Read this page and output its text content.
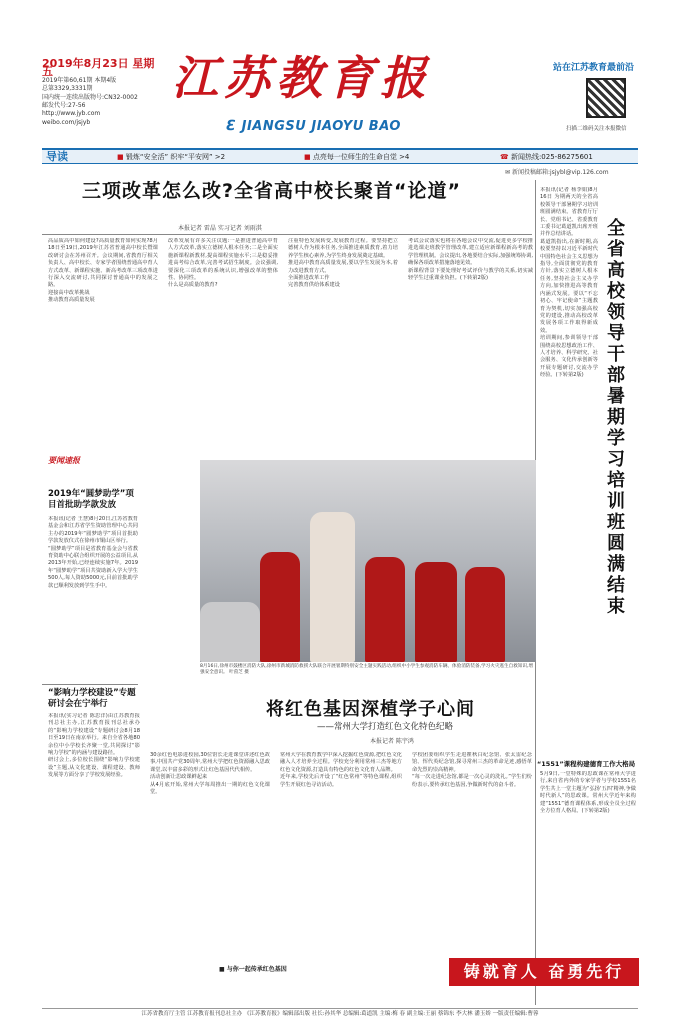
2019年8月23日 星期五
2019年第60,61期 本期4版
总第3329,3331期
国内统一连续出版物号:CN32-0002
邮发代号:27-56
http://www.jyb.com
weibo.com/jsjyb
江苏教育报
ℇ JIANGSU JIAOYU BAO
站在江苏教育最前沿
扫描二维码关注本报微信
导读	■ 锻炼“安全活” 织牢“平安网” >2	■ 点亮每一位师生的生命自觉 >4	☎ 新闻热线:025-86275601
✉ 新闻投稿邮箱:jsjybl@vip.126.com
三项改革怎么改?全省高中校长聚首“论道”
本报记者 雷晶 实习记者 刘雨淇
高品质高中如何建设?高质量教育如何实现?8月18日至19日,2019年江苏省普通高中校长暨课改研讨会在苏州召开。会议期间,省教育厅相关负责人、高中校长、专家学者围绕普通高中育人方式改革、新课程实施、新高考改革三项改革进行深入交流研讨,共同探讨普通高中的发展之路。
迎接高中改革挑战
推动教育高质量发展
改革发展有许多关注议题:一是推进普通高中育人方式改革,落实立德树人根本任务;二是全面实施新课程新教材,提高课程实施水平;三是稳妥推进高考综合改革,完善考试招生制度。会议强调,要深化三项改革的系统认识,增强改革的整体性、协同性。
什么是高质量的教育?
注重特色发展转变,发展教育过程。要坚持把立德树人作为根本任务,全面推进素质教育,着力培养学生核心素养,为学生终身发展奠定基础。
推进高中教育高质量发展,要以学生发展为本,着力改进教育方式。
全面推进改革工作
完善教育供给体系建设
考试会议落实也将在各地会议中交流,促进更多学校推进选课走班教学管理改革,建立适应新课程新高考的教学管理机制。会议提出,各地要结合实际,加强统筹协调,确保各项改革措施落地见效。
新课程背景下要处理好考试评价与教学的关系,切实减轻学生过重课业负担。(下转第2版)
全省高校领导干部暑期学习培训班圆满结束
本报讯(记者 杨李娟)8月16日 为期两天的全省高校领导干部暑期学习培训班圆满结束。省教育厅厅长、党组书记、省委教育工委书记葛道凯出席开班并作总结讲话。
葛道凯指出,在新时期,高校要坚持以习近平新时代中国特色社会主义思想为指导,全面贯彻党的教育方针,落实立德树人根本任务,坚持社会主义办学方向,加快推进高等教育内涵式发展。要以“不忘初心、牢记使命”主题教育为契机,切实加强高校党的建设,推动高校改革发展各项工作取得新成效。
培训期间,参训领导干部围绕高校思想政治工作、人才培养、科学研究、社会服务、文化传承创新等开展专题研讨,交流办学经验。(下转第2版)
“1551”课程构建德育工作大格局
5月9日,一堂特殊的思政课在常州大学进行,来自省内外的专家学者与学校1551名学生共上一堂主题为“弘扬‘五四’精神,争做时代新人”的思政课。常州大学近年来构建“1551”德育课程体系,形成全员全过程全方位育人格局。(下转第2版)
要闻速报
2019年“圆梦助学”项目首批助学款发放
本报讯(记者 王慧)8月20日,江苏省教育基金会和江苏省学生资助管理中心共同主办的2019年“圆梦助学”项目首批助学款发放仪式在徐州市铜山区举行。
“圆梦助学”项目是省教育基金会与省教育资助中心联合组织开展的公益项目,从2013年开始,已经连续实施7年。2019年“圆梦助学”项目共资助新入学大学生500人,每人资助5000元,目前首批助学款已顺利发放到学生手中。
8月16日,徐州市鼓楼区消防大队,徐州市新城消防救援大队联合开展暑期特别安全主题实践活动,组织中小学生参观消防车辆、体验消防装备,学习火灾逃生自救知识,增强安全意识。 叶茵芝 摄
“影响力学校建设”专题研讨会在宁举行
本报讯(实习记者 陈思洋)由江苏教育报刊总社主办,江苏教育报刊总社承办的“影响力学校建设”专题研讨会8月18日至19日在南京举行。来自全省各地80余位中小学校长齐聚一堂,共同探讨“影响力学校”的内涵与建设路径。
研讨会上,多位校长围绕“影响力学校建设”主题,从文化建设、课程建设、教师发展等方面分享了学校发展经验。
将红色基因深植学子心间
——常州大学打造红色文化特色纪略
本报记者 陈宇鸿
30余红色电影进校园,30位馆长走进课堂讲述红色故事,中国共产党30周年,常州大学把红色资源融入思政课堂,以丰富多彩的形式让红色基因代代相传。
活动创新让思政课鲜起来
从4月底开始,常州大学每周推出一期的红色文化课堂。
常州大学在教育教学中深入挖掘红色资源,把红色文化融入人才培养全过程。学校充分利用常州三杰等地方红色文化资源,打造具有特色的红色文化育人品牌。
近年来,学校先后开设了“红色常州”等特色课程,组织学生开展红色寻访活动。
学校团委组织学生走进瞿秋白纪念馆、张太雷纪念馆、恽代英纪念馆,探寻常州三杰的革命足迹,感悟革命先烈的崇高精神。
“每一次走进纪念馆,都是一次心灵的洗礼。”学生们纷纷表示,要传承红色基因,争做新时代的奋斗者。
■ 与你一起传承红色基因	铸就育人 奋勇先行
江苏省教育厅主管 江苏教育报刊总社主办 《江苏教育报》编辑部出版 社长:孙其华 总编辑:葛道凯 主编:梅 春 副主编:王丽 蔡锦东 李大林 潘玉娇 一版责任编辑:曹蓉
